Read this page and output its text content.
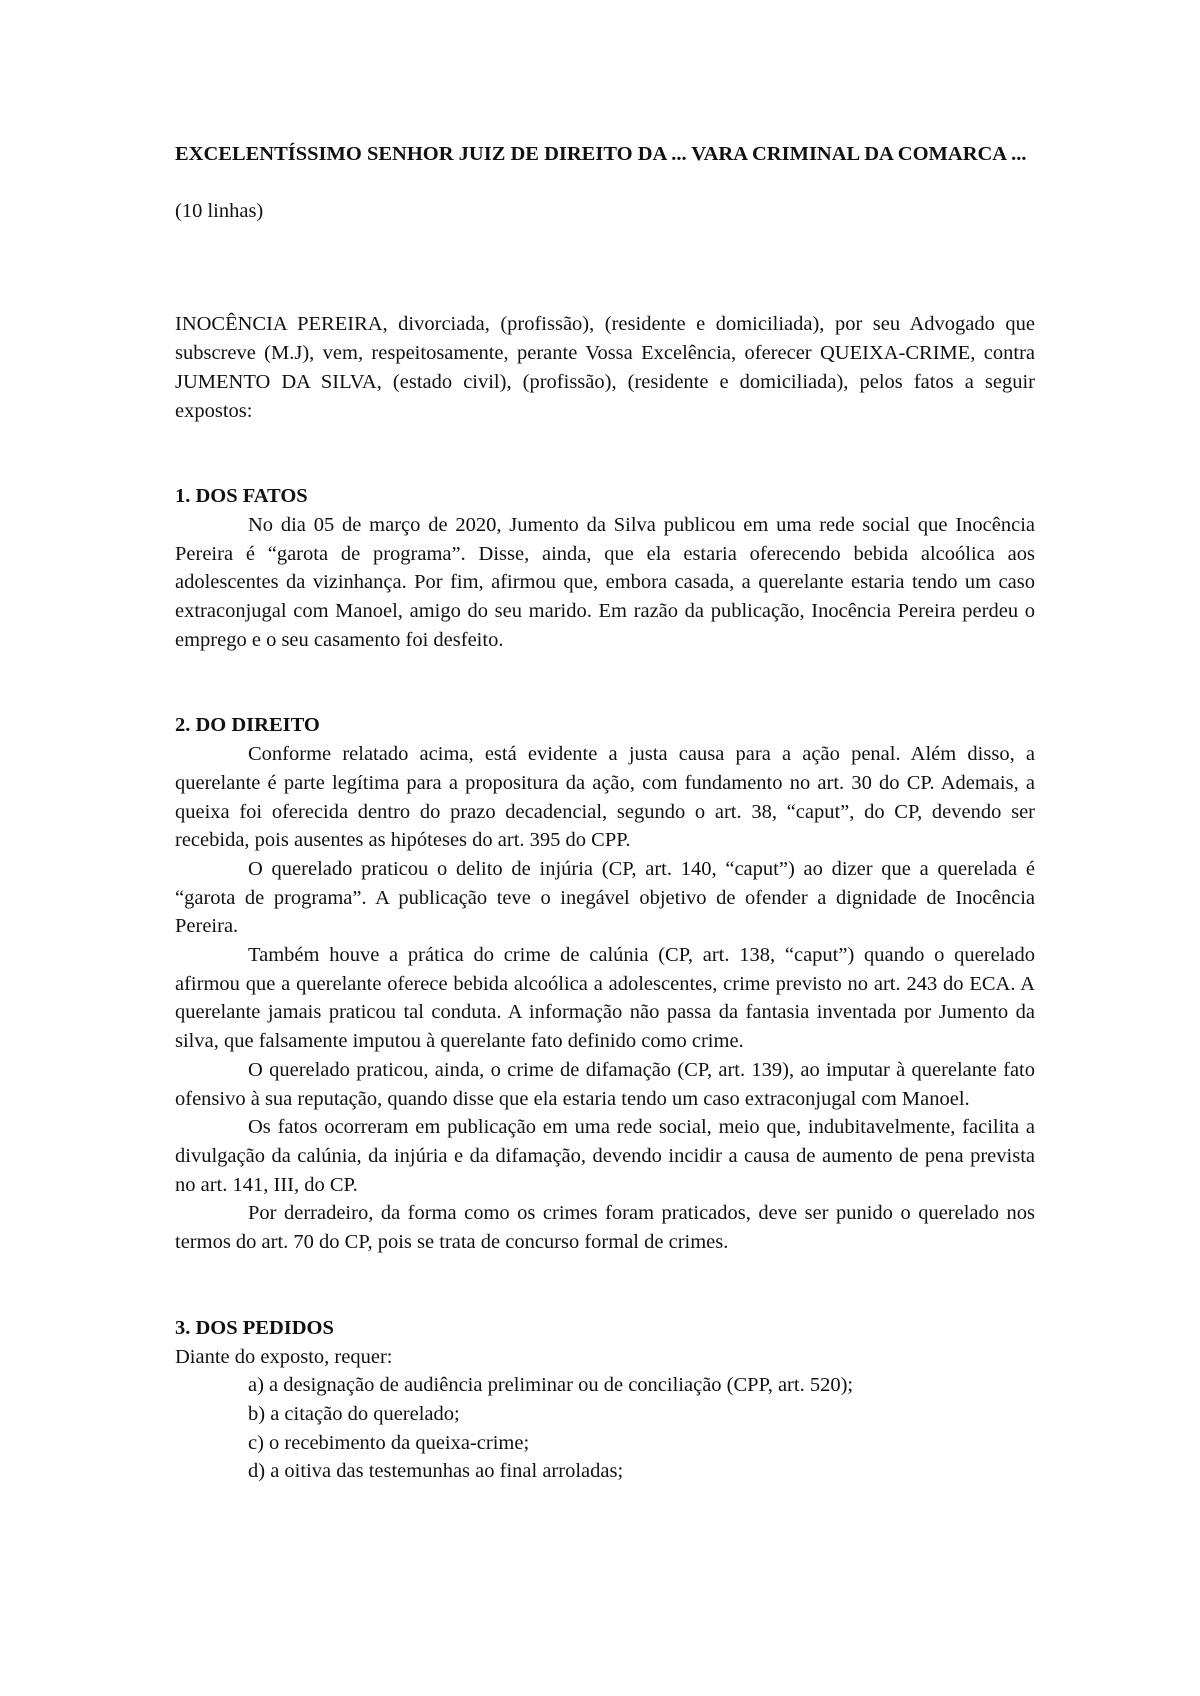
EXCELENTÍSSIMO SENHOR JUIZ DE DIREITO DA ... VARA CRIMINAL DA COMARCA ...

(10 linhas)

INOCÊNCIA PEREIRA, divorciada, (profissão), (residente e domiciliada), por seu Advogado que subscreve (M.J), vem, respeitosamente, perante Vossa Excelência, oferecer QUEIXA-CRIME, contra JUMENTO DA SILVA, (estado civil), (profissão), (residente e domiciliada), pelos fatos a seguir expostos:

1. DOS FATOS

No dia 05 de março de 2020, Jumento da Silva publicou em uma rede social que Inocência Pereira é “garota de programa”. Disse, ainda, que ela estaria oferecendo bebida alcoólica aos adolescentes da vizinhança. Por fim, afirmou que, embora casada, a querelante estaria tendo um caso extraconjugal com Manoel, amigo do seu marido. Em razão da publicação, Inocência Pereira perdeu o emprego e o seu casamento foi desfeito.

2. DO DIREITO

Conforme relatado acima, está evidente a justa causa para a ação penal. Além disso, a querelante é parte legítima para a propositura da ação, com fundamento no art. 30 do CP. Ademais, a queixa foi oferecida dentro do prazo decadencial, segundo o art. 38, “caput”, do CP, devendo ser recebida, pois ausentes as hipóteses do art. 395 do CPP.

O querelado praticou o delito de injúria (CP, art. 140, “caput”) ao dizer que a querelada é “garota de programa”. A publicação teve o inegável objetivo de ofender a dignidade de Inocência Pereira.

Também houve a prática do crime de calúnia (CP, art. 138, “caput”) quando o querelado afirmou que a querelante oferece bebida alcoólica a adolescentes, crime previsto no art. 243 do ECA. A querelante jamais praticou tal conduta. A informação não passa da fantasia inventada por Jumento da silva, que falsamente imputou à querelante fato definido como crime.

O querelado praticou, ainda, o crime de difamação (CP, art. 139), ao imputar à querelante fato ofensivo à sua reputação, quando disse que ela estaria tendo um caso extraconjugal com Manoel.

Os fatos ocorreram em publicação em uma rede social, meio que, indubitavelmente, facilita a divulgação da calúnia, da injúria e da difamação, devendo incidir a causa de aumento de pena prevista no art. 141, III, do CP.

Por derradeiro, da forma como os crimes foram praticados, deve ser punido o querelado nos termos do art. 70 do CP, pois se trata de concurso formal de crimes.

3. DOS PEDIDOS

Diante do exposto, requer:

a) a designação de audiência preliminar ou de conciliação (CPP, art. 520);
b) a citação do querelado;
c) o recebimento da queixa-crime;
d) a oitiva das testemunhas ao final arroladas;
